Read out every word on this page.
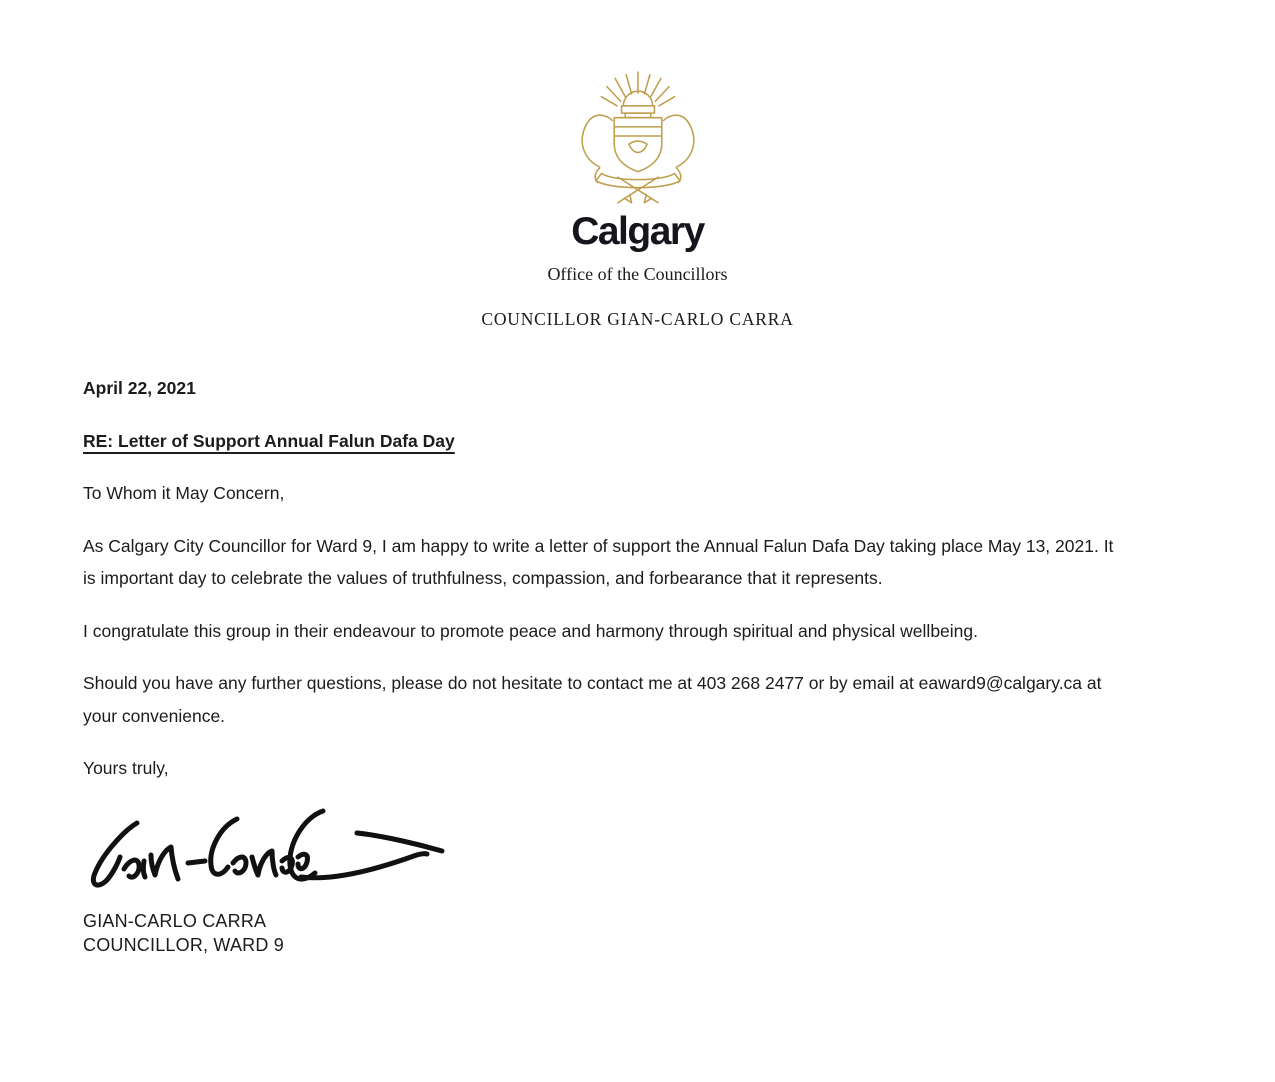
Calgary
Office of the Councillors
COUNCILLOR GIAN-CARLO CARRA

April 22, 2021

RE: Letter of Support Annual Falun Dafa Day

To Whom it May Concern,

As Calgary City Councillor for Ward 9, I am happy to write a letter of support the Annual Falun Dafa Day taking place May 13, 2021. It is important day to celebrate the values of truthfulness, compassion, and forbearance that it represents.

I congratulate this group in their endeavour to promote peace and harmony through spiritual and physical wellbeing.

Should you have any further questions, please do not hesitate to contact me at 403 268 2477 or by email at eaward9@calgary.ca at your convenience.

Yours truly,

GIAN-CARLO CARRA

COUNCILLOR, WARD 9
